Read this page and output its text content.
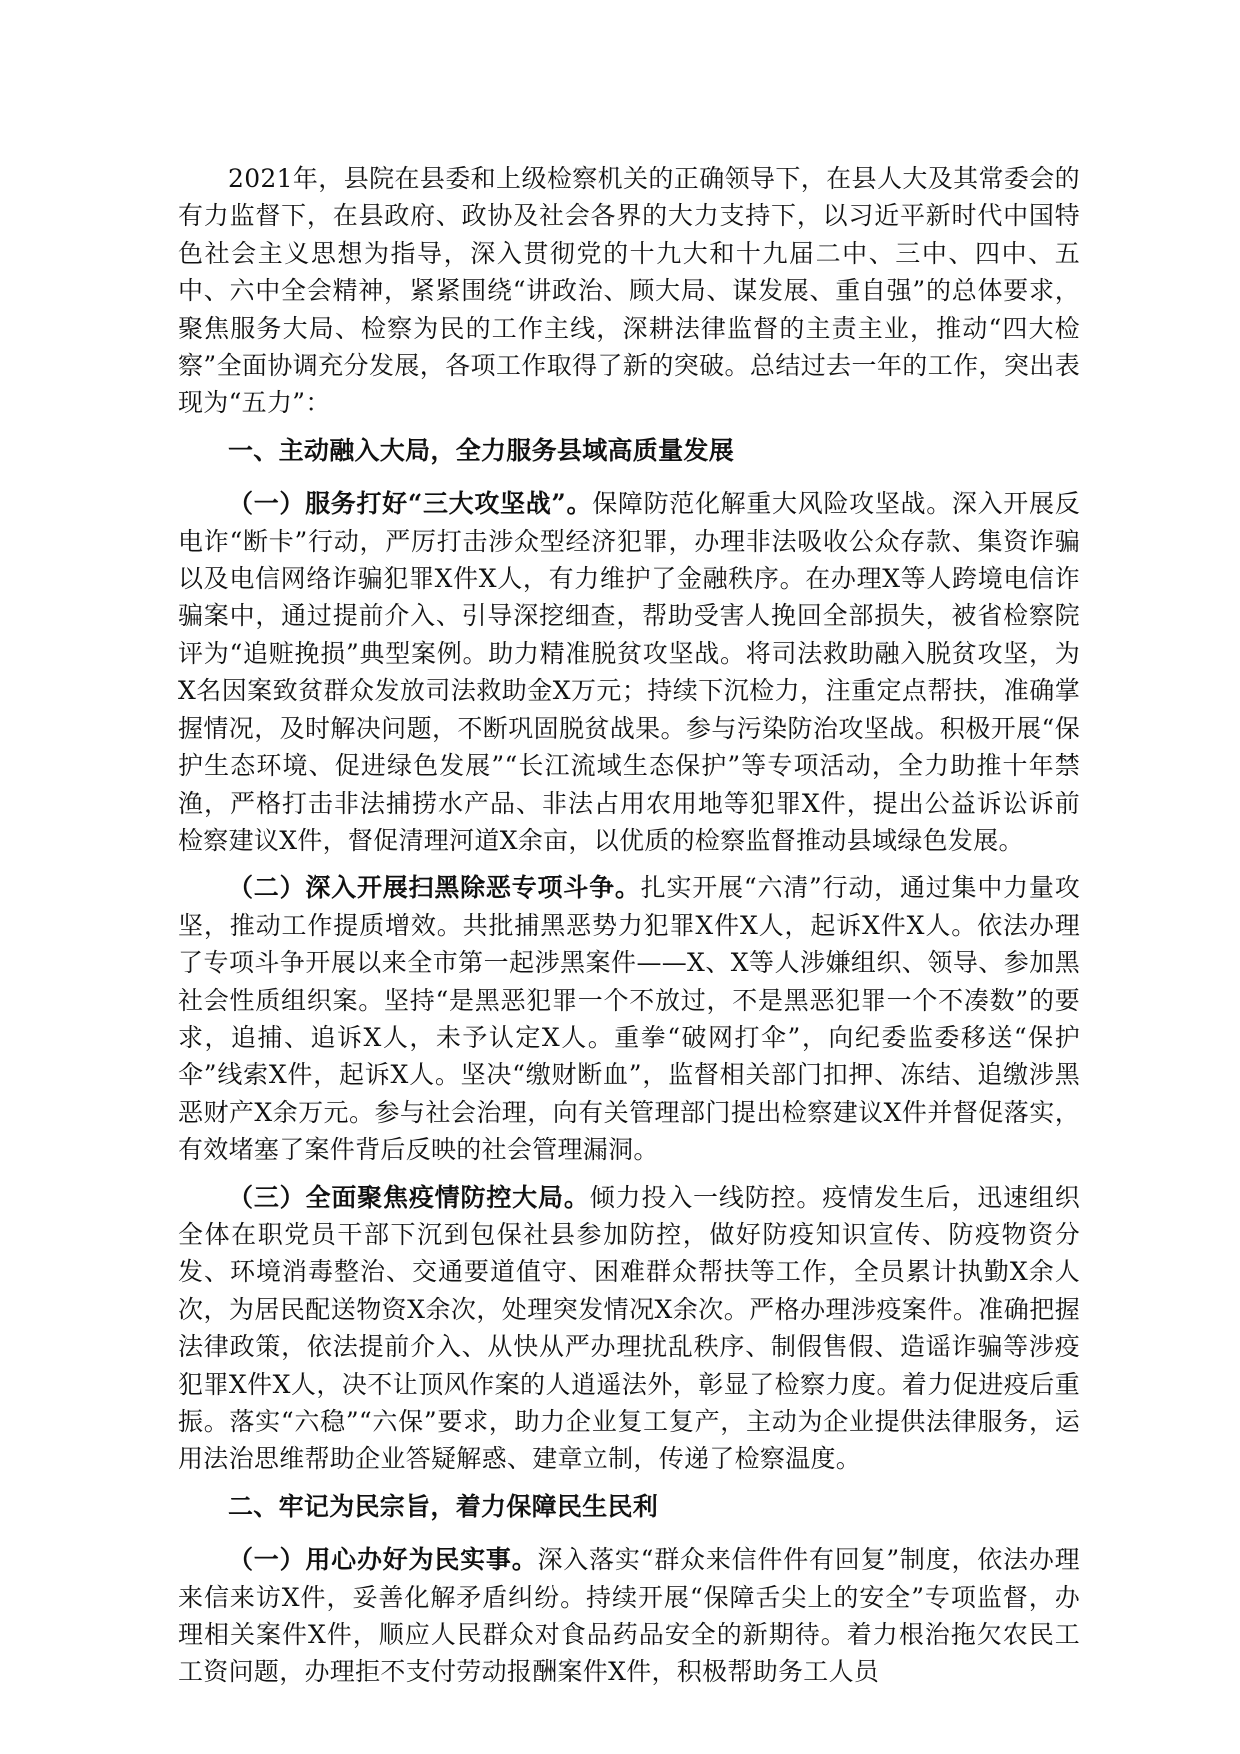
2021年，县院在县委和上级检察机关的正确领导下，在县人大及其常委会的有力监督下，在县政府、政协及社会各界的大力支持下，以习近平新时代中国特色社会主义思想为指导，深入贯彻党的十九大和十九届二中、三中、四中、五中、六中全会精神，紧紧围绕“讲政治、顾大局、谋发展、重自强”的总体要求，聚焦服务大局、检察为民的工作主线，深耕法律监督的主责主业，推动“四大检察”全面协调充分发展，各项工作取得了新的突破。总结过去一年的工作，突出表现为“五力”：

一、主动融入大局，全力服务县域高质量发展

（一）服务打好“三大攻坚战”。保障防范化解重大风险攻坚战。深入开展反电诈“断卡”行动，严厉打击涉众型经济犯罪，办理非法吸收公众存款、集资诈骗以及电信网络诈骗犯罪X件X人，有力维护了金融秩序。在办理X等人跨境电信诈骗案中，通过提前介入、引导深挖细查，帮助受害人挽回全部损失，被省检察院评为“追赃挽损”典型案例。助力精准脱贫攻坚战。将司法救助融入脱贫攻坚，为X名因案致贫群众发放司法救助金X万元；持续下沉检力，注重定点帮扶，准确掌握情况，及时解决问题，不断巩固脱贫战果。参与污染防治攻坚战。积极开展“保护生态环境、促进绿色发展”“长江流域生态保护”等专项活动，全力助推十年禁渔，严格打击非法捕捞水产品、非法占用农用地等犯罪X件，提出公益诉讼诉前检察建议X件，督促清理河道X余亩，以优质的检察监督推动县域绿色发展。

（二）深入开展扫黑除恶专项斗争。扎实开展“六清”行动，通过集中力量攻坚，推动工作提质增效。共批捕黑恶势力犯罪X件X人，起诉X件X人。依法办理了专项斗争开展以来全市第一起涉黑案件——X、X等人涉嫌组织、领导、参加黑社会性质组织案。坚持“是黑恶犯罪一个不放过，不是黑恶犯罪一个不凑数”的要求，追捕、追诉X人，未予认定X人。重拳“破网打伞”，向纪委监委移送“保护伞”线索X件，起诉X人。坚决“缴财断血”，监督相关部门扣押、冻结、追缴涉黑恶财产X余万元。参与社会治理，向有关管理部门提出检察建议X件并督促落实，有效堵塞了案件背后反映的社会管理漏洞。

（三）全面聚焦疫情防控大局。倾力投入一线防控。疫情发生后，迅速组织全体在职党员干部下沉到包保社县参加防控，做好防疫知识宣传、防疫物资分发、环境消毒整治、交通要道值守、困难群众帮扶等工作，全员累计执勤X余人次，为居民配送物资X余次，处理突发情况X余次。严格办理涉疫案件。准确把握法律政策，依法提前介入、从快从严办理扰乱秩序、制假售假、造谣诈骗等涉疫犯罪X件X人，决不让顶风作案的人逍遥法外，彰显了检察力度。着力促进疫后重振。落实“六稳”“六保”要求，助力企业复工复产，主动为企业提供法律服务，运用法治思维帮助企业答疑解惑、建章立制，传递了检察温度。

二、牢记为民宗旨，着力保障民生民利

（一）用心办好为民实事。深入落实“群众来信件件有回复”制度，依法办理来信来访X件，妥善化解矛盾纠纷。持续开展“保障舌尖上的安全”专项监督，办理相关案件X件，顺应人民群众对食品药品安全的新期待。着力根治拖欠农民工工资问题，办理拒不支付劳动报酬案件X件，积极帮助务工人员
